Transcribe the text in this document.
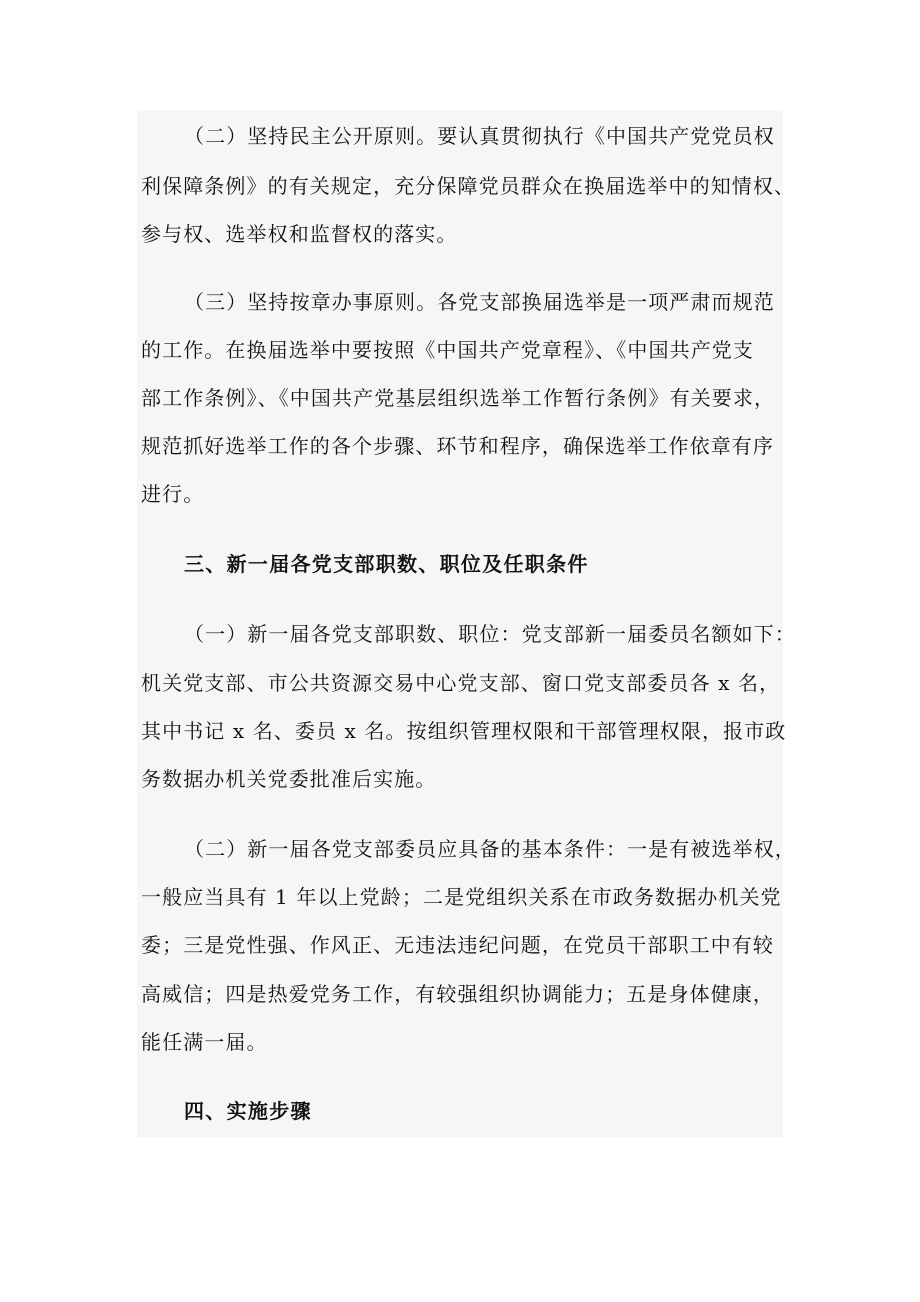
（二）坚持民主公开原则。要认真贯彻执行《中国共产党党员权
利保障条例》的有关规定，充分保障党员群众在换届选举中的知情权、
参与权、选举权和监督权的落实。
（三）坚持按章办事原则。各党支部换届选举是一项严肃而规范
的工作。在换届选举中要按照《中国共产党章程》、《中国共产党支
部工作条例》、《中国共产党基层组织选举工作暂行条例》有关要求，
规范抓好选举工作的各个步骤、环节和程序，确保选举工作依章有序
进行。
三、新一届各党支部职数、职位及任职条件
（一）新一届各党支部职数、职位：党支部新一届委员名额如下：
机关党支部、市公共资源交易中心党支部、窗口党支部委员各 x 名，
其中书记 x 名、委员 x 名。按组织管理权限和干部管理权限，报市政
务数据办机关党委批准后实施。
（二）新一届各党支部委员应具备的基本条件：一是有被选举权，
一般应当具有 1 年以上党龄；二是党组织关系在市政务数据办机关党
委；三是党性强、作风正、无违法违纪问题，在党员干部职工中有较
高威信；四是热爱党务工作，有较强组织协调能力；五是身体健康，
能任满一届。
四、实施步骤
